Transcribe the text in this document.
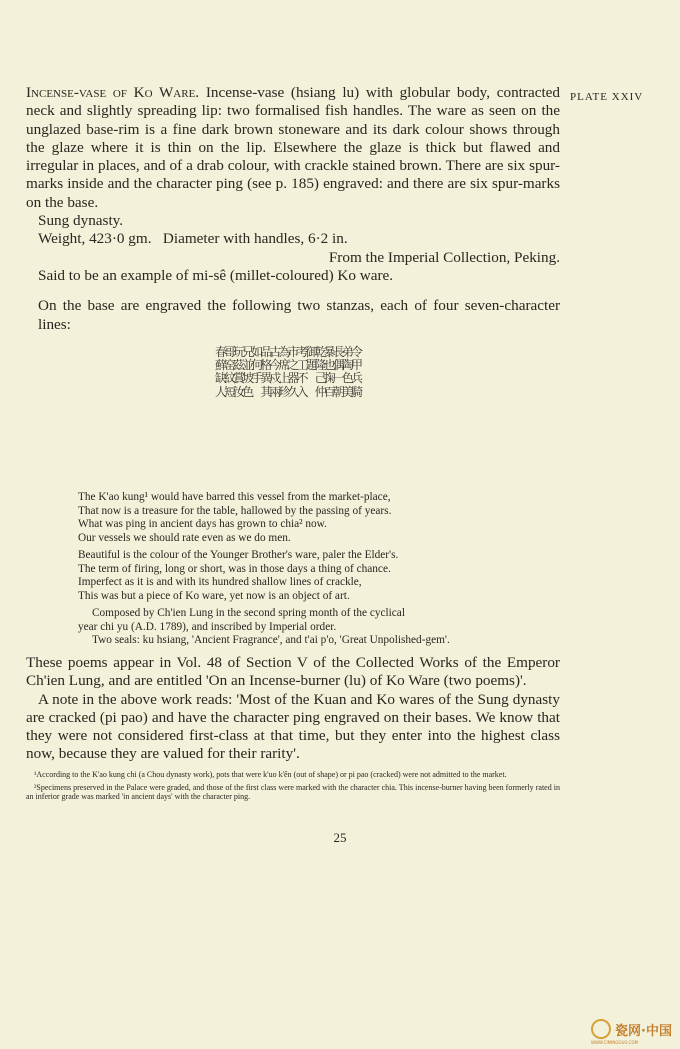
PLATE XXIV

Incense-vase of Ko Ware. Incense-vase (hsiang lu) with globular body, contracted neck and slightly spreading lip: two formalised fish handles. The ware as seen on the unglazed base-rim is a fine dark brown stoneware and its dark colour shows through the glaze where it is thin on the lip. Elsewhere the glaze is thick but flawed and irregular in places, and of a drab colour, with crackle stained brown. There are six spur-marks inside and the character ping (see p. 185) engraved: and there are six spur-marks on the base.

Sung dynasty.

Weight, 423·0 gm.   Diameter with handles, 6·2 in.

From the Imperial Collection, Peking.

Said to be an example of mi-sê (millet-coloured) Ko ware.

On the base are engraved the following two stanzas, each of four seven-character lines:

令
甲
兵
騎
弟
陶
色
美
長
偶
一
朝
暴
也
掬
百
乾
隆
己
仲
御
題
考
工
不
入
市
之
器
久
為
席
上
珍
古
今
戍
兩
品
格
異
其
如
何
手
兄
並
坡
色
玩
茲
賞
汝
哥
窑
紋
短
春
蘚
缺
人
The K'ao kung¹ would have barred this vessel from the market-place,
That now is a treasure for the table, hallowed by the passing of years.
What was ping in ancient days has grown to chia² now.
Our vessels we should rate even as we do men.
Beautiful is the colour of the Younger Brother's ware, paler the Elder's.
The term of firing, long or short, was in those days a thing of chance.
Imperfect as it is and with its hundred shallow lines of crackle,
This was but a piece of Ko ware, yet now is an object of art.
Composed by Ch'ien Lung in the second spring month of the cyclical
year chi yu (A.D. 1789), and inscribed by Imperial order.
Two seals: ku hsiang, 'Ancient Fragrance', and t'ai p'o, 'Great Unpolished-gem'.

These poems appear in Vol. 48 of Section V of the Collected Works of the Emperor Ch'ien Lung, and are entitled 'On an Incense-burner (lu) of Ko Ware (two poems)'.

A note in the above work reads: 'Most of the Kuan and Ko wares of the Sung dynasty are cracked (pi pao) and have the character ping engraved on their bases. We know that they were not considered first-class at that time, but they enter into the highest class now, because they are valued for their rarity'.

¹According to the K'ao kung chi (a Chou dynasty work), pots that were k'uo k'ên (out of shape) or pi pao (cracked) were not admitted to the market.
²Specimens preserved in the Palace were graded, and those of the first class were marked with the character chia. This incense-burner having been formerly rated in an inferior grade was marked 'in ancient days' with the character ping.
25
瓷网·中国
WWW.CIMINGGUO.COM
